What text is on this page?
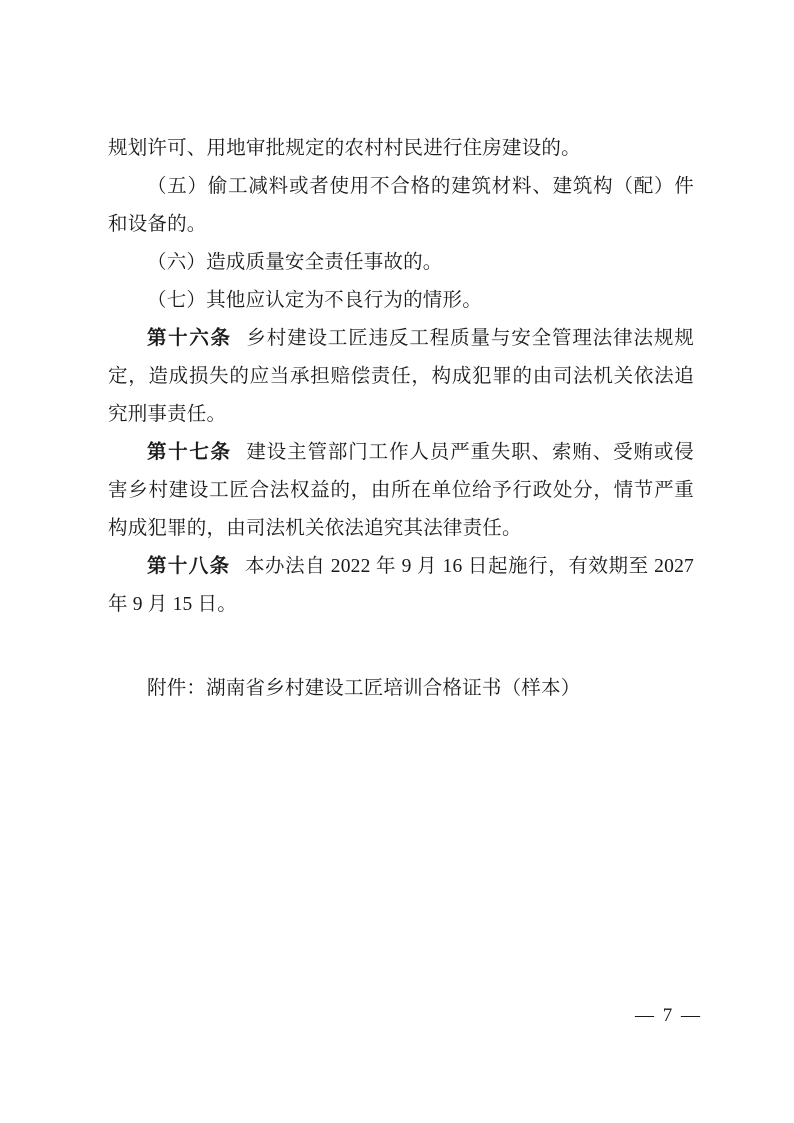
规划许可、用地审批规定的农村村民进行住房建设的。

（五）偷工减料或者使用不合格的建筑材料、建筑构（配）件和设备的。

（六）造成质量安全责任事故的。

（七）其他应认定为不良行为的情形。

第十六条 乡村建设工匠违反工程质量与安全管理法律法规规定，造成损失的应当承担赔偿责任，构成犯罪的由司法机关依法追究刑事责任。

第十七条 建设主管部门工作人员严重失职、索贿、受贿或侵害乡村建设工匠合法权益的，由所在单位给予行政处分，情节严重构成犯罪的，由司法机关依法追究其法律责任。

第十八条 本办法自 2022 年 9 月 16 日起施行，有效期至 2027 年 9 月 15 日。

附件：湖南省乡村建设工匠培训合格证书（样本）

— 7 —
